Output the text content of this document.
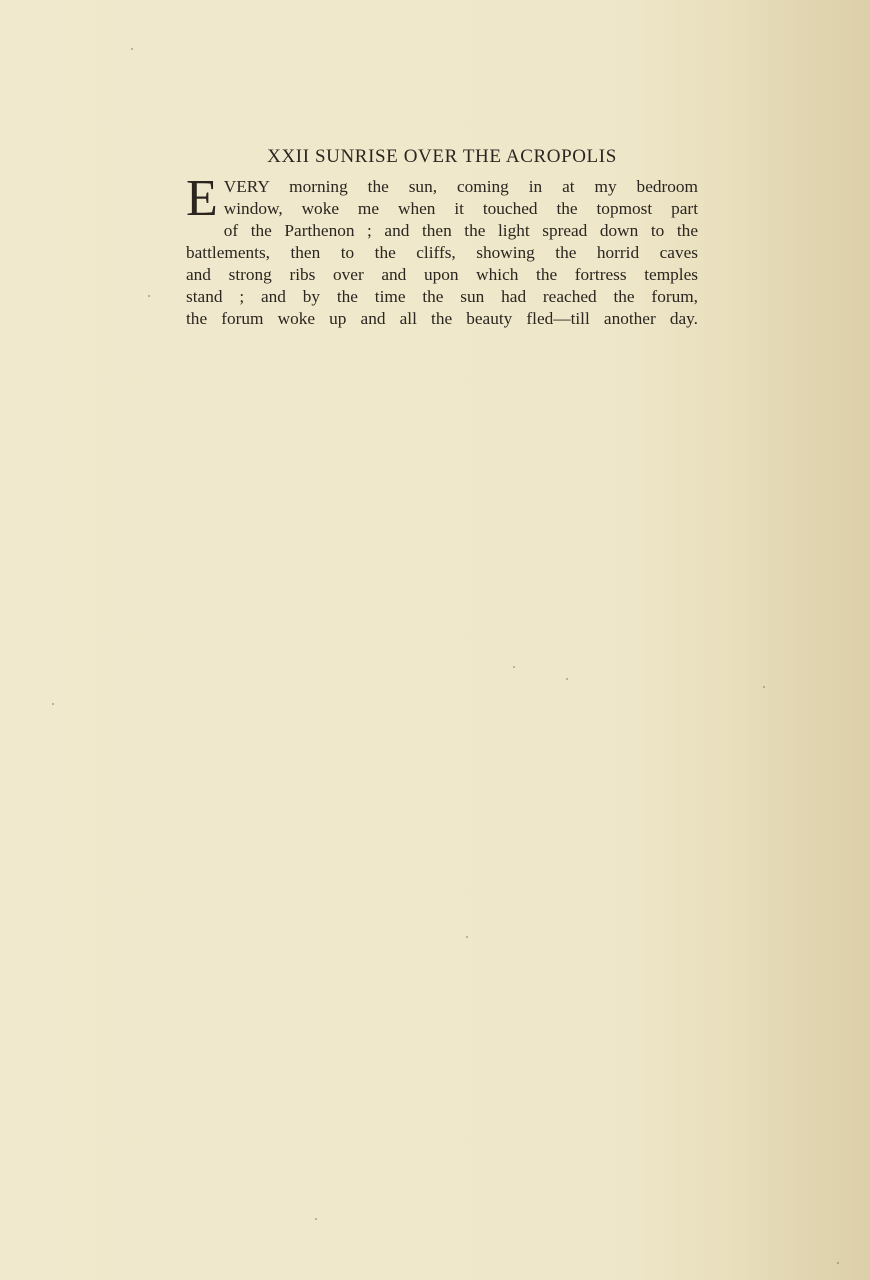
XXII SUNRISE OVER THE ACROPOLIS
E VERY morning the sun, coming in at my bedroom
window, woke me when it touched the topmost part
of the Parthenon ; and then the light spread down to the
battlements, then to the cliffs, showing the horrid caves
and strong ribs over and upon which the fortress temples
stand ; and by the time the sun had reached the forum,
the forum woke up and all the beauty fled—till another day.
